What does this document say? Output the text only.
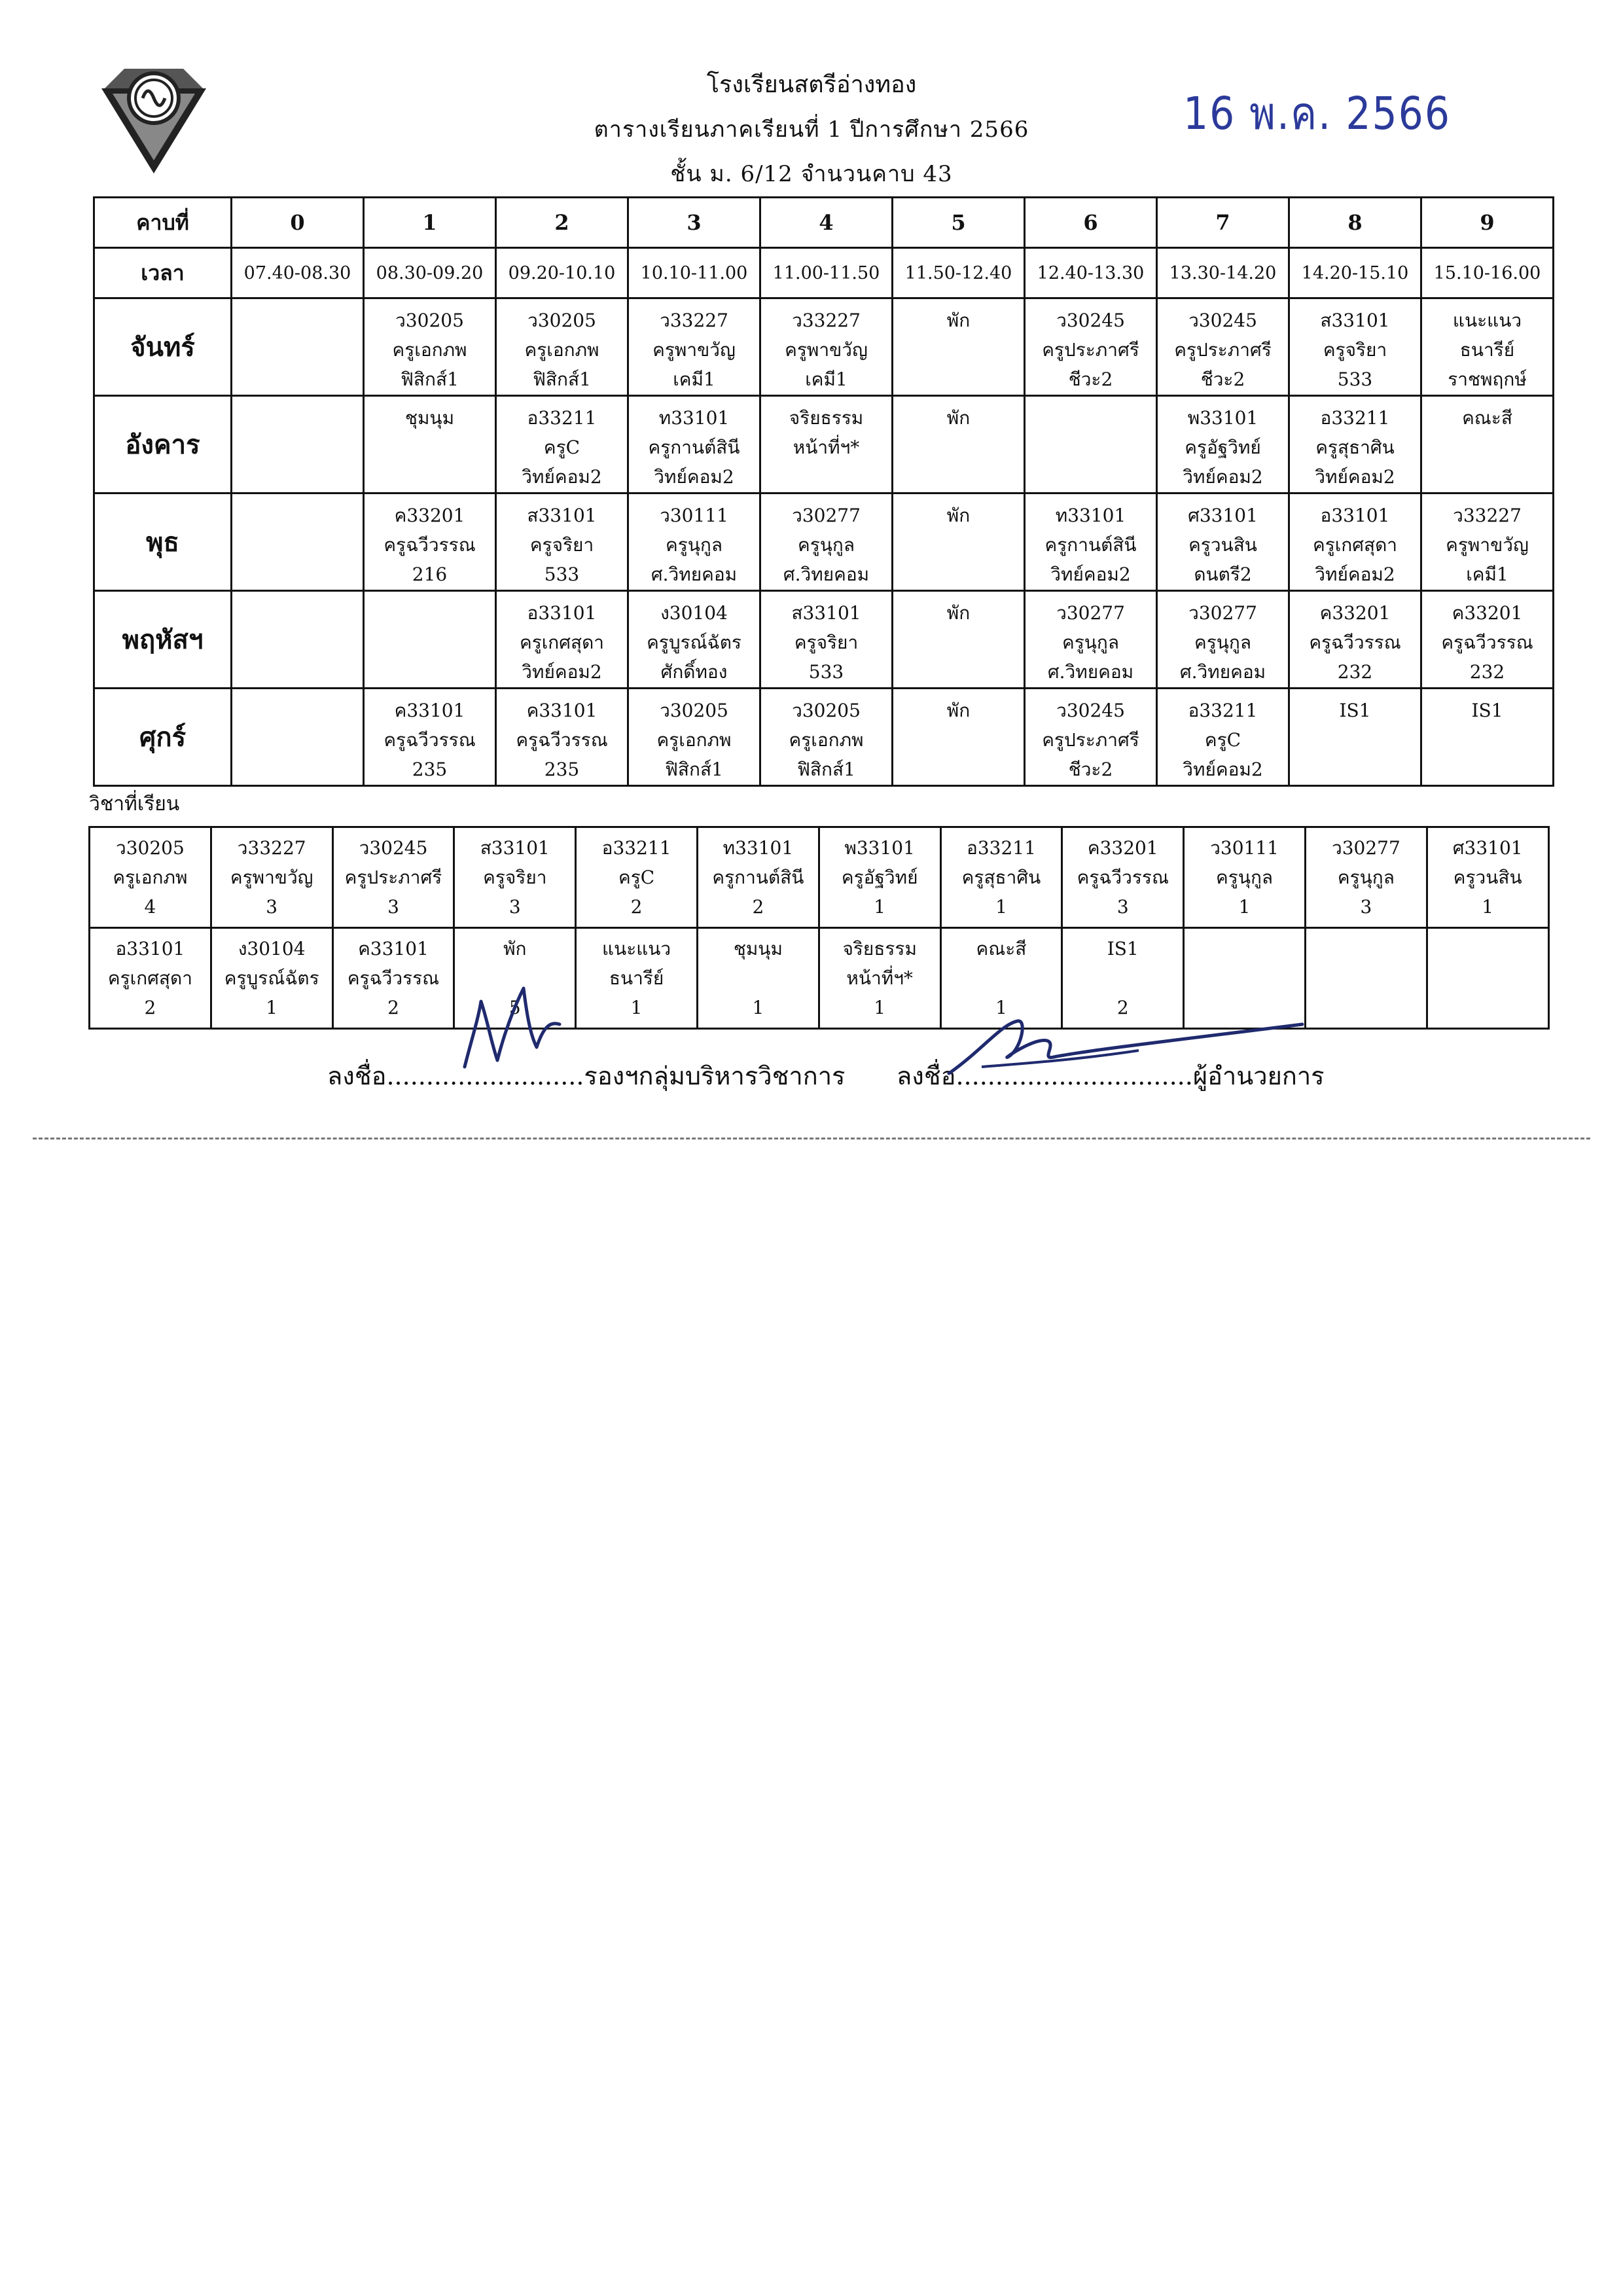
โรงเรียนสตรีอ่างทอง
ตารางเรียนภาคเรียนที่ 1 ปีการศึกษา 2566
ชั้น ม. 6/12 จำนวนคาบ 43
16 พ.ค. 2566
คาบที่	0	1	2	3	4	5	6	7	8	9
เวลา	07.40-08.30	08.30-09.20	09.20-10.10	10.10-11.00	11.00-11.50	11.50-12.40	12.40-13.30	13.30-14.20	14.20-15.10	15.10-16.00
จันทร์		ว30205
ครูเอกภพ
ฟิสิกส์1	ว30205
ครูเอกภพ
ฟิสิกส์1	ว33227
ครูพาขวัญ
เคมี1	ว33227
ครูพาขวัญ
เคมี1	พัก	ว30245
ครูประภาศรี
ชีวะ2	ว30245
ครูประภาศรี
ชีวะ2	ส33101
ครูจริยา
533	แนะแนว
ธนารีย์
ราชพฤกษ์

อังคาร		ชุมนุม	อ33211
ครูC
วิทย์คอม2	ท33101
ครูกานต์สินี
วิทย์คอม2	จริยธรรม
หน้าที่ฯ*	พัก		พ33101
ครูอัฐวิทย์
วิทย์คอม2	อ33211
ครูสุธาศิน
วิทย์คอม2	คณะสี

พุธ		ค33201
ครูฉวีวรรณ
216	ส33101
ครูจริยา
533	ว30111
ครูนุกูล
ศ.วิทยคอม	ว30277
ครูนุกูล
ศ.วิทยคอม	พัก	ท33101
ครูกานต์สินี
วิทย์คอม2	ศ33101
ครูวนสิน
ดนตรี2	อ33101
ครูเกศสุดา
วิทย์คอม2	ว33227
ครูพาขวัญ
เคมี1

พฤหัสฯ			อ33101
ครูเกศสุดา
วิทย์คอม2	ง30104
ครูบูรณ์ฉัตร
ศักดิ์ทอง	ส33101
ครูจริยา
533	พัก	ว30277
ครูนุกูล
ศ.วิทยคอม	ว30277
ครูนุกูล
ศ.วิทยคอม	ค33201
ครูฉวีวรรณ
232	ค33201
ครูฉวีวรรณ
232

ศุกร์		ค33101
ครูฉวีวรรณ
235	ค33101
ครูฉวีวรรณ
235	ว30205
ครูเอกภพ
ฟิสิกส์1	ว30205
ครูเอกภพ
ฟิสิกส์1	พัก	ว30245
ครูประภาศรี
ชีวะ2	อ33211
ครูC
วิทย์คอม2	IS1	IS1
วิชาที่เรียน
ว30205
ครูเอกภพ
4	ว33227
ครูพาขวัญ
3	ว30245
ครูประภาศรี
3	ส33101
ครูจริยา
3	อ33211
ครูC
2	ท33101
ครูกานต์สินี
2	พ33101
ครูอัฐวิทย์
1	อ33211
ครูสุธาศิน
1	ค33201
ครูฉวีวรรณ
3	ว30111
ครูนุกูล
1	ว30277
ครูนุกูล
3	ศ33101
ครูวนสิน
1

อ33101
ครูเกศสุดา
2	ง30104
ครูบูรณ์ฉัตร
1	ค33101
ครูฉวีวรรณ
2	พัก

5	แนะแนว
ธนารีย์
1	ชุมนุม

1	จริยธรรม
หน้าที่ฯ*
1	คณะสี

1	IS1

2			

ลงชื่อ.........................รองฯกลุ่มบริหารวิชาการ ลงชื่อ..............................ผู้อำนวยการ
